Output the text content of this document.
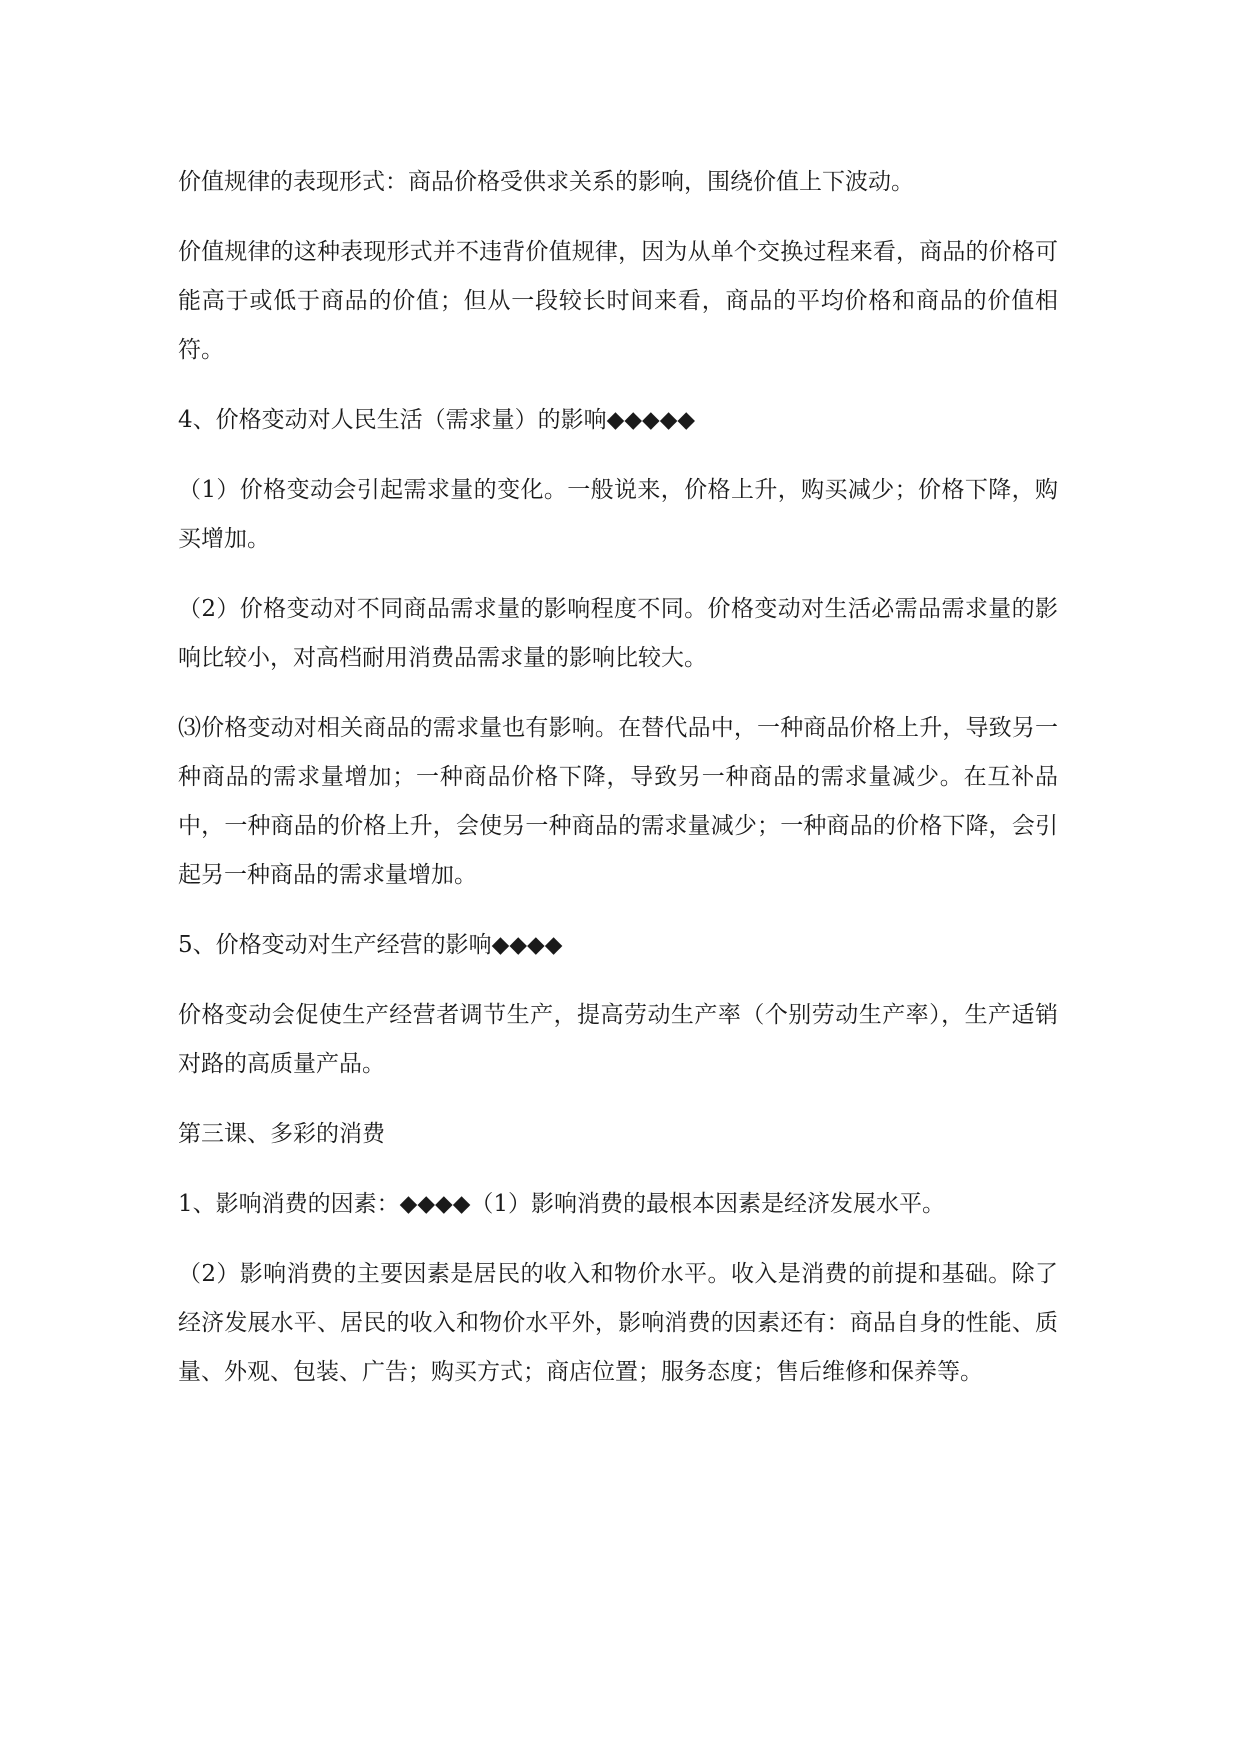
价值规律的表现形式：商品价格受供求关系的影响，围绕价值上下波动。

价值规律的这种表现形式并不违背价值规律，因为从单个交换过程来看，商品的价格可能高于或低于商品的价值；但从一段较长时间来看，商品的平均价格和商品的价值相符。

4、价格变动对人民生活（需求量）的影响◆◆◆◆◆

（1）价格变动会引起需求量的变化。一般说来，价格上升，购买减少；价格下降，购买增加。

（2）价格变动对不同商品需求量的影响程度不同。价格变动对生活必需品需求量的影响比较小，对高档耐用消费品需求量的影响比较大。

⑶价格变动对相关商品的需求量也有影响。在替代品中，一种商品价格上升，导致另一种商品的需求量增加；一种商品价格下降，导致另一种商品的需求量减少。在互补品中，一种商品的价格上升，会使另一种商品的需求量减少；一种商品的价格下降，会引起另一种商品的需求量增加。

5、价格变动对生产经营的影响◆◆◆◆

价格变动会促使生产经营者调节生产，提高劳动生产率（个别劳动生产率），生产适销对路的高质量产品。

第三课、多彩的消费

1、影响消费的因素：◆◆◆◆（1）影响消费的最根本因素是经济发展水平。

（2）影响消费的主要因素是居民的收入和物价水平。收入是消费的前提和基础。除了经济发展水平、居民的收入和物价水平外，影响消费的因素还有：商品自身的性能、质量、外观、包装、广告；购买方式；商店位置；服务态度；售后维修和保养等。
